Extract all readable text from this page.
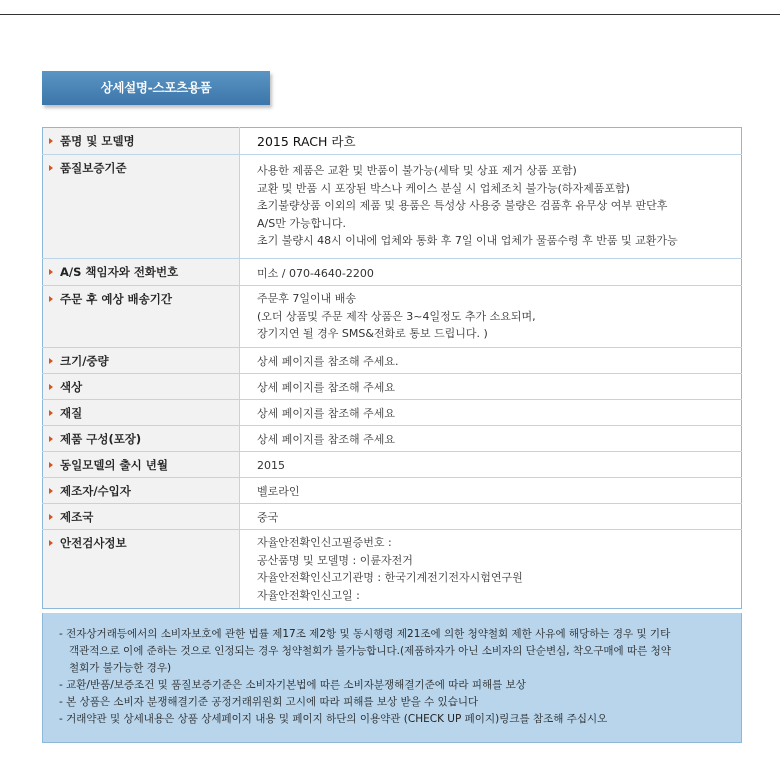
상세설명-스포츠용품
품명 및 모델명	2015 RACH 라흐

품질보증기준	사용한 제품은 교환 및 반품이 불가능(세탁 및 상표 제거 상품 포함)
교환 및 반품 시 포장된 박스나 케이스 분실 시 업체조치 불가능(하자제품포함)
초기불량상품 이외의 제품 및 용품은 특성상 사용중 불량은 검품후 유무상 여부 판단후
A/S만 가능합니다.
초기 불량시 48시 이내에 업체와 통화 후 7일 이내 업체가 물품수령 후 반품 및 교환가능

A/S 책임자와 전화번호	미소 / 070-4640-2200

주문 후 예상 배송기간	주문후 7일이내 배송
(오더 상품및 주문 제작 상품은 3~4일정도 추가 소요되며,
장기지연 될 경우 SMS&전화로 통보 드립니다. )

크기/중량	상세 페이지를 참조해 주세요.

색상	상세 페이지를 참조해 주세요

재질	상세 페이지를 참조해 주세요

제품 구성(포장)	상세 페이지를 참조해 주세요

동일모델의 출시 년월	2015

제조자/수입자	벨로라인

제조국	중국

안전검사정보	자율안전확인신고필증번호 :
공산품명 및 모델명 : 이륜자전거
자율안전확인신고기관명 : 한국기계전기전자시험연구원
자율안전확인신고일 :

- 전자상거래등에서의 소비자보호에 관한 법률 제17조 제2항 및 동시행령 제21조에 의한 청약철회 제한 사유에 해당하는 경우 및 기타

객관적으로 이에 준하는 것으로 인정되는 경우 청약철회가 불가능합니다.(제품하자가 아닌 소비자의 단순변심, 착오구매에 따른 청약

철회가 불가능한 경우)

- 교환/반품/보증조건 및 품질보증기준은 소비자기본법에 따른 소비자분쟁해결기준에 따라 피해를 보상

- 본 상품은 소비자 분쟁해결기준 공정거래위원회 고시에 따라 피해를 보상 받을 수 있습니다

- 거래약관 및 상세내용은 상품 상세페이지 내용 및 페이지 하단의 이용약관 (CHECK UP 페이지)링크를 참조해 주십시오
